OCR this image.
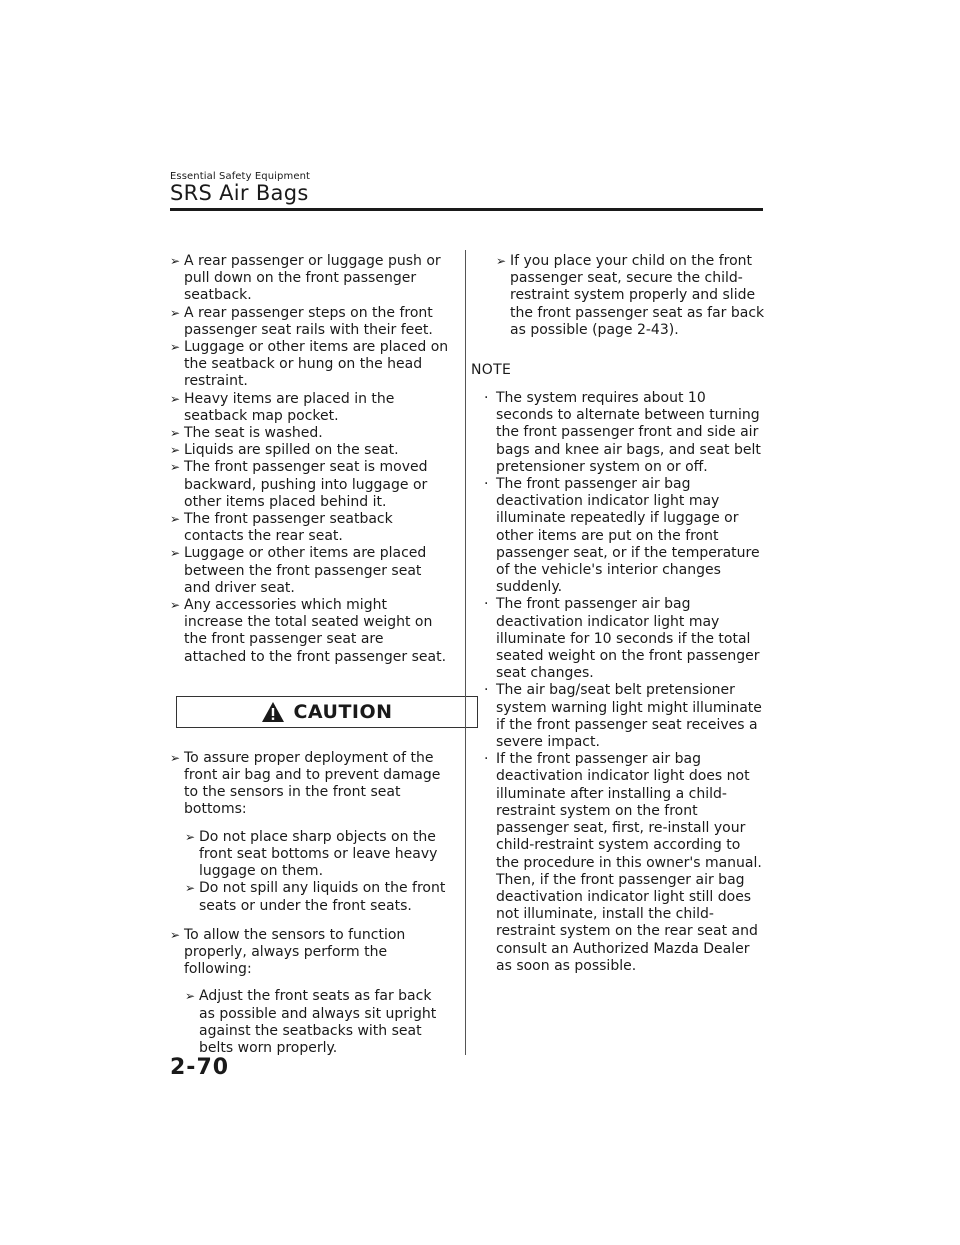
Essential Safety Equipment
SRS Air Bags
➢ A rear passenger or luggage push or pull down on the front passenger seatback.
➢ A rear passenger steps on the front passenger seat rails with their feet.
➢ Luggage or other items are placed on the seatback or hung on the head restraint.
➢ Heavy items are placed in the seatback map pocket.
➢ The seat is washed.
➢ Liquids are spilled on the seat.
➢ The front passenger seat is moved backward, pushing into luggage or other items placed behind it.
➢ The front passenger seatback contacts the rear seat.
➢ Luggage or other items are placed between the front passenger seat and driver seat.
➢ Any accessories which might increase the total seated weight on the front passenger seat are attached to the front passenger seat.
CAUTION
➢ To assure proper deployment of the front air bag and to prevent damage to the sensors in the front seat bottoms:
➢ Do not place sharp objects on the front seat bottoms or leave heavy luggage on them.
➢ Do not spill any liquids on the front seats or under the front seats.
➢ To allow the sensors to function properly, always perform the following:
➢ Adjust the front seats as far back as possible and always sit upright against the seatbacks with seat belts worn properly.
➢ If you place your child on the front passenger seat, secure the child-restraint system properly and slide the front passenger seat as far back as possible (page 2-43).
NOTE
· The system requires about 10 seconds to alternate between turning the front passenger front and side air bags and knee air bags, and seat belt pretensioner system on or off.
· The front passenger air bag deactivation indicator light may illuminate repeatedly if luggage or other items are put on the front passenger seat, or if the temperature of the vehicle's interior changes suddenly.
· The front passenger air bag deactivation indicator light may illuminate for 10 seconds if the total seated weight on the front passenger seat changes.
· The air bag/seat belt pretensioner system warning light might illuminate if the front passenger seat receives a severe impact.
· If the front passenger air bag deactivation indicator light does not illuminate after installing a child-restraint system on the front passenger seat, first, re-install your child-restraint system according to the procedure in this owner's manual. Then, if the front passenger air bag deactivation indicator light still does not illuminate, install the child-restraint system on the rear seat and consult an Authorized Mazda Dealer as soon as possible.
2-70
